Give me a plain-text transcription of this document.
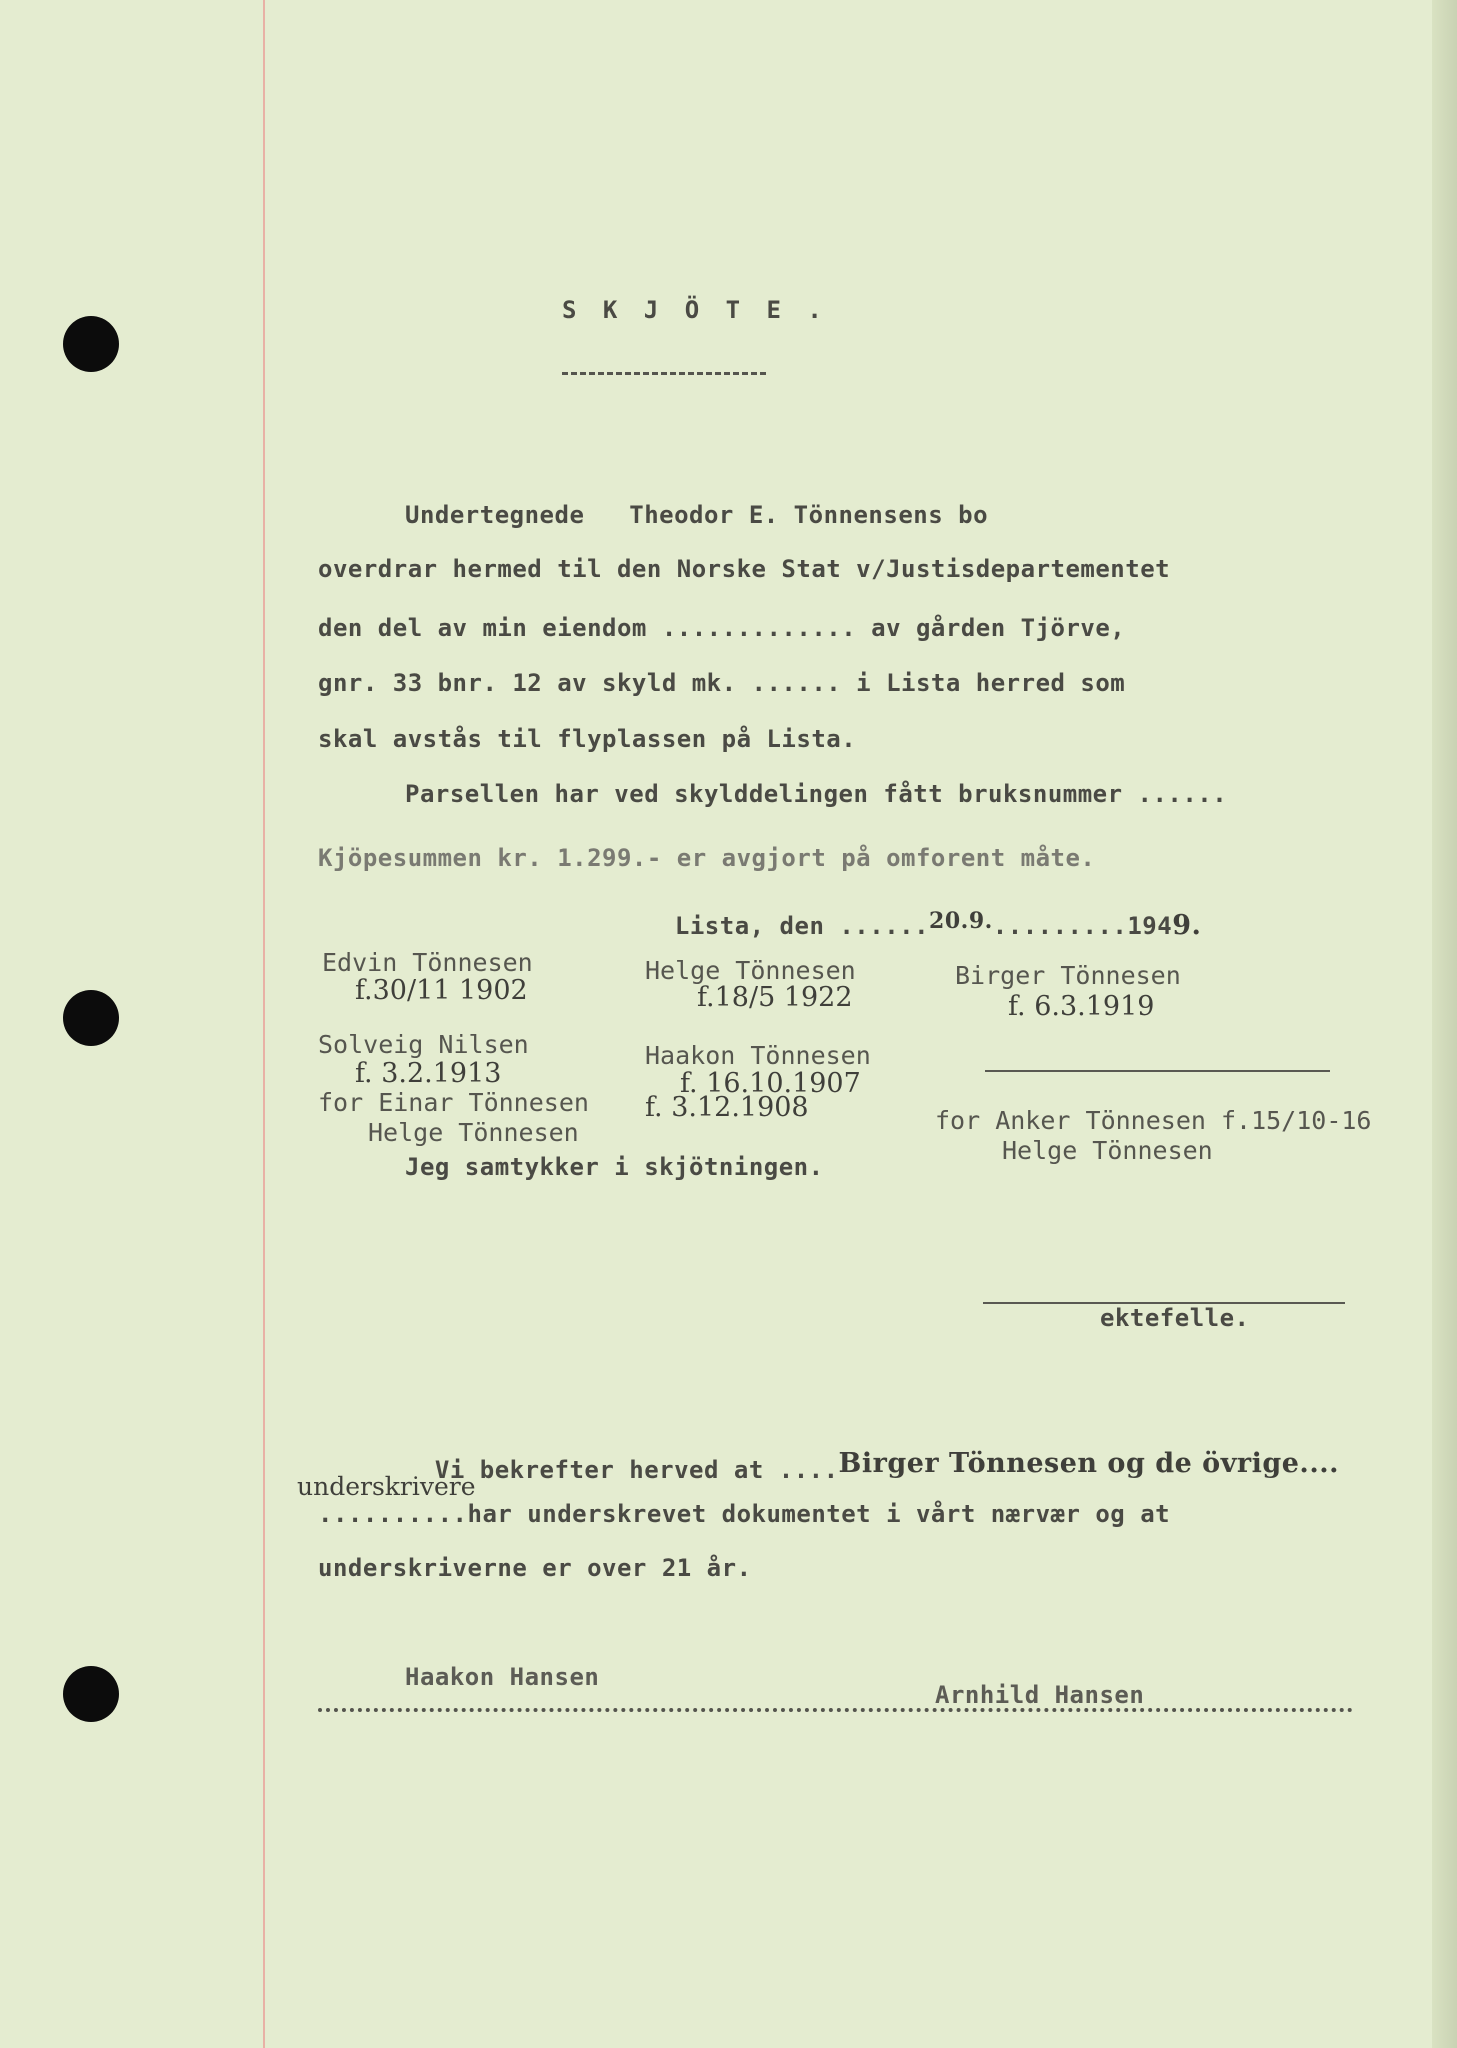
S K J Ö T E .
Undertegnede   Theodor E. Tönnensens bo
overdrar hermed til den Norske Stat v/Justisdepartementet
den del av min eiendom ............. av gården Tjörve,
gnr. 33 bnr. 12 av skyld mk. ...... i Lista herred som
skal avstås til flyplassen på Lista.
Parsellen har ved skylddelingen fått bruksnummer ......
Kjöpesummen kr. 1.299.- er avgjort på omforent måte.

Lista, den ......20.9..........1949.

Edvin Tönnesen
f.30/11 1902
Solveig Nilsen
f. 3.2.1913
for Einar Tönnesen
Helge Tönnesen
Helge Tönnesen
f.18/5 1922
Haakon Tönnesen
f. 16.10.1907
f. 3.12.1908
Birger Tönnesen
f. 6.3.1919
for Anker Tönnesen f.15/10-16
Helge Tönnesen
Jeg samtykker i skjötningen.
ektefelle.

Vi bekrefter herved at ....Birger Tönnesen og de övrige....

underskrivere
..........har underskrevet dokumentet i vårt nærvær og at
underskriverne er over 21 år.
Haakon Hansen
Arnhild Hansen
